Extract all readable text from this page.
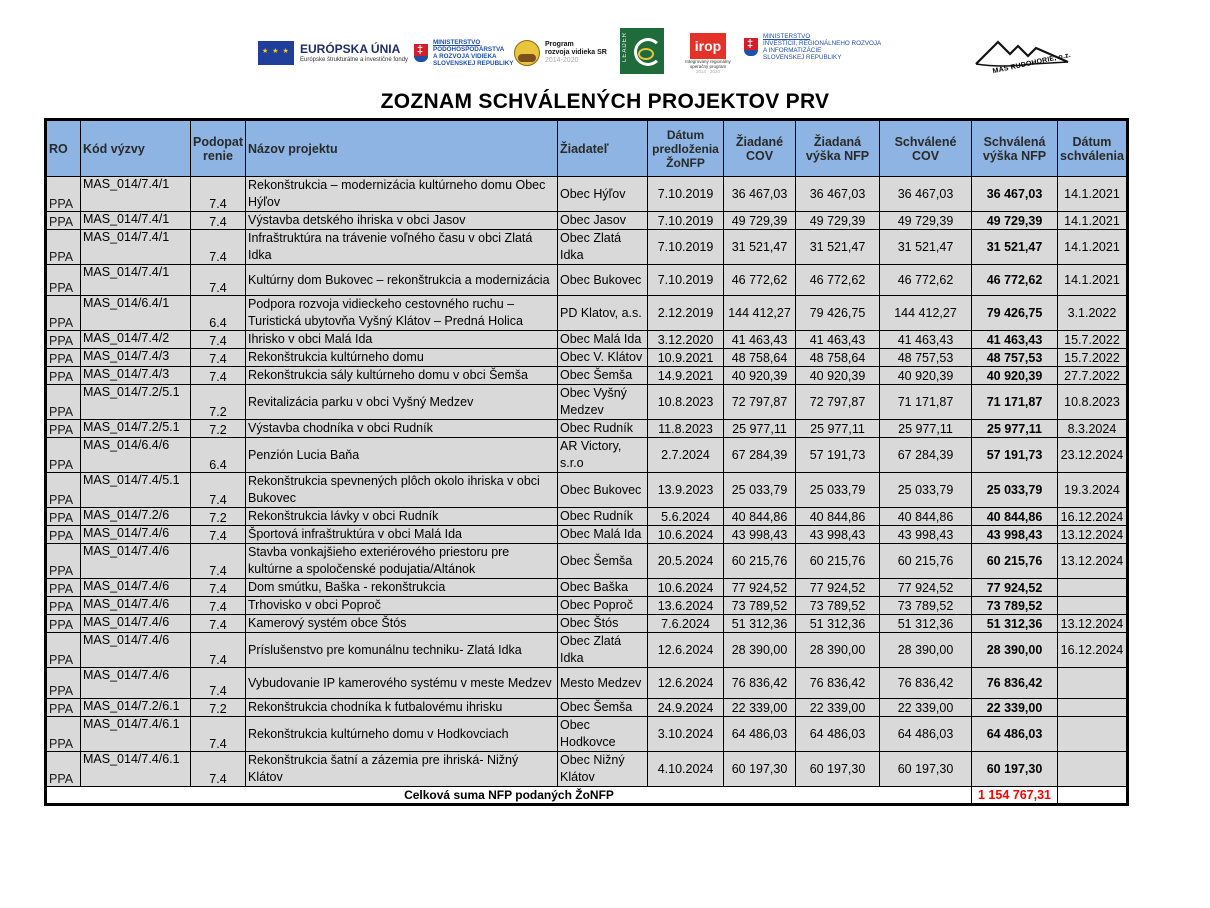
★ ★ ★
EURÓPSKA ÚNIA
Európske štrukturálne a investičné fondy
‡
MINISTERSTVO
PÔDOHOSPODÁRSTVA
A ROZVOJA VIDIEKA
SLOVENSKEJ REPUBLIKY
Program
rozvoja vidieka SR
2014-2020	LEADER	irop
Integrovaný regionálny
operačný program
2014 - 2020
‡
MINISTERSTVO
INVESTÍCIÍ, REGIONÁLNEHO ROZVOJA
A INFORMATIZÁCIE
SLOVENSKEJ REPUBLIKY	MAS RUDOHORIE, o.z.
ZOZNAM SCHVÁLENÝCH PROJEKTOV PRV
RO	Kód výzvy	Podopat renie	Názov projektu	Žiadateľ	Dátum predloženia ŽoNFP	Žiadané COV	Žiadaná výška NFP	Schválené COV	Schválená výška NFP	Dátum schválenia
PPA	MAS_014/7.4/1	7.4	Rekonštrukcia – modernizácia kultúrneho domu Obec Hýľov	Obec Hýľov	7.10.2019	36 467,03	36 467,03	36 467,03	36 467,03	14.1.2021
PPA	MAS_014/7.4/1	7.4	Výstavba detského ihriska v obci Jasov	Obec Jasov	7.10.2019	49 729,39	49 729,39	49 729,39	49 729,39	14.1.2021
PPA	MAS_014/7.4/1	7.4	Infraštruktúra na trávenie voľného času v obci Zlatá Idka	Obec Zlatá Idka	7.10.2019	31 521,47	31 521,47	31 521,47	31 521,47	14.1.2021
PPA	MAS_014/7.4/1	7.4	Kultúrny dom Bukovec – rekonštrukcia a modernizácia	Obec Bukovec	7.10.2019	46 772,62	46 772,62	46 772,62	46 772,62	14.1.2021
PPA	MAS_014/6.4/1	6.4	Podpora rozvoja vidieckeho cestovného ruchu – Turistická ubytovňa Vyšný Klátov – Predná Holica	PD Klatov, a.s.	2.12.2019	144 412,27	79 426,75	144 412,27	79 426,75	3.1.2022
PPA	MAS_014/7.4/2	7.4	Ihrisko v obci Malá Ida	Obec Malá Ida	3.12.2020	41 463,43	41 463,43	41 463,43	41 463,43	15.7.2022
PPA	MAS_014/7.4/3	7.4	Rekonštrukcia kultúrneho domu	Obec V. Klátov	10.9.2021	48 758,64	48 758,64	48 757,53	48 757,53	15.7.2022
PPA	MAS_014/7.4/3	7.4	Rekonštrukcia sály kultúrneho domu v obci Šemša	Obec Šemša	14.9.2021	40 920,39	40 920,39	40 920,39	40 920,39	27.7.2022
PPA	MAS_014/7.2/5.1	7.2	Revitalizácia parku v obci Vyšný Medzev	Obec Vyšný Medzev	10.8.2023	72 797,87	72 797,87	71 171,87	71 171,87	10.8.2023
PPA	MAS_014/7.2/5.1	7.2	Výstavba chodníka v obci Rudník	Obec Rudník	11.8.2023	25 977,11	25 977,11	25 977,11	25 977,11	8.3.2024
PPA	MAS_014/6.4/6	6.4	Penzión Lucia Baňa	AR Victory, s.r.o	2.7.2024	67 284,39	57 191,73	67 284,39	57 191,73	23.12.2024
PPA	MAS_014/7.4/5.1	7.4	Rekonštrukcia spevnených plôch okolo ihriska v obci Bukovec	Obec Bukovec	13.9.2023	25 033,79	25 033,79	25 033,79	25 033,79	19.3.2024
PPA	MAS_014/7.2/6	7.2	Rekonštrukcia lávky v obci Rudník	Obec Rudník	5.6.2024	40 844,86	40 844,86	40 844,86	40 844,86	16.12.2024
PPA	MAS_014/7.4/6	7.4	Športová infraštruktúra v obci Malá Ida	Obec Malá Ida	10.6.2024	43 998,43	43 998,43	43 998,43	43 998,43	13.12.2024
PPA	MAS_014/7.4/6	7.4	Stavba vonkajšieho exteriérového priestoru pre kultúrne a spoločenské podujatia/Altánok	Obec Šemša	20.5.2024	60 215,76	60 215,76	60 215,76	60 215,76	13.12.2024
PPA	MAS_014/7.4/6	7.4	Dom smútku, Baška - rekonštrukcia	Obec Baška	10.6.2024	77 924,52	77 924,52	77 924,52	77 924,52	
PPA	MAS_014/7.4/6	7.4	Trhovisko v obci Poproč	Obec Poproč	13.6.2024	73 789,52	73 789,52	73 789,52	73 789,52	
PPA	MAS_014/7.4/6	7.4	Kamerový systém obce Štós	Obec Štós	7.6.2024	51 312,36	51 312,36	51 312,36	51 312,36	13.12.2024
PPA	MAS_014/7.4/6	7.4	Príslušenstvo pre komunálnu techniku- Zlatá Idka	Obec Zlatá Idka	12.6.2024	28 390,00	28 390,00	28 390,00	28 390,00	16.12.2024
PPA	MAS_014/7.4/6	7.4	Vybudovanie IP kamerového systému v meste Medzev	Mesto Medzev	12.6.2024	76 836,42	76 836,42	76 836,42	76 836,42	
PPA	MAS_014/7.2/6.1	7.2	Rekonštrukcia chodníka k futbalovému ihrisku	Obec Šemša	24.9.2024	22 339,00	22 339,00	22 339,00	22 339,00	
PPA	MAS_014/7.4/6.1	7.4	Rekonštrukcia kultúrneho domu v Hodkovciach	Obec Hodkovce	3.10.2024	64 486,03	64 486,03	64 486,03	64 486,03	
PPA	MAS_014/7.4/6.1	7.4	Rekonštrukcia šatní a zázemia pre ihriská- Nižný Klátov	Obec Nižný Klátov	4.10.2024	60 197,30	60 197,30	60 197,30	60 197,30	
Celková suma NFP podaných ŽoNFP									1 154 767,31	
